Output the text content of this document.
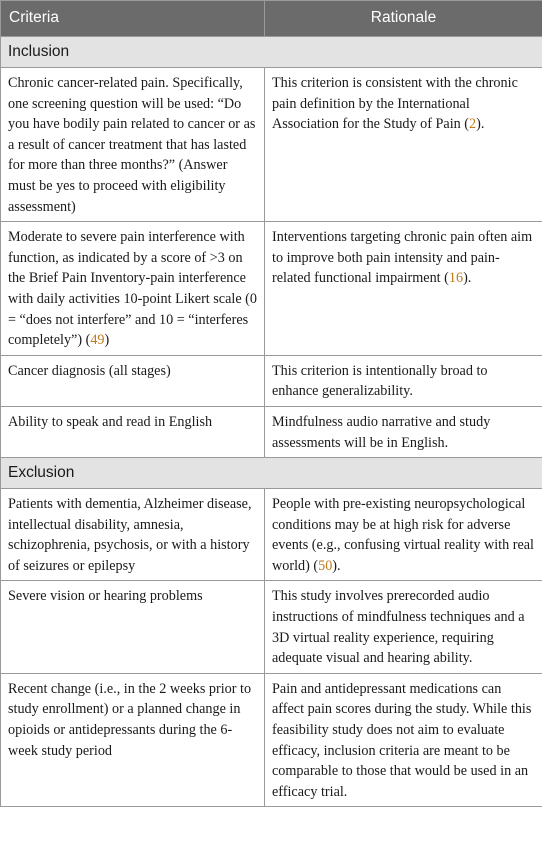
Criteria	Rationale
Inclusion	

Chronic cancer-related pain. Specifically, one screening question will be used: “Do you have bodily pain related to cancer or as a result of cancer treatment that has lasted for more than three months?” (Answer must be yes to proceed with eligibility assessment)	This criterion is consistent with the chronic pain definition by the International Association for the Study of Pain (2).

Moderate to severe pain interference with function, as indicated by a score of >3 on the Brief Pain Inventory-pain interference with daily activities 10-point Likert scale (0 = “does not interfere” and 10 = “interferes completely”) (49)	Interventions targeting chronic pain often aim to improve both pain intensity and pain-related functional impairment (16).

Cancer diagnosis (all stages)	This criterion is intentionally broad to enhance generalizability.

Ability to speak and read in English	Mindfulness audio narrative and study assessments will be in English.

Exclusion	

Patients with dementia, Alzheimer disease, intellectual disability, amnesia, schizophrenia, psychosis, or with a history of seizures or epilepsy	People with pre-existing neuropsychological conditions may be at high risk for adverse events (e.g., confusing virtual reality with real world) (50).

Severe vision or hearing problems	This study involves prerecorded audio instructions of mindfulness techniques and a 3D virtual reality experience, requiring adequate visual and hearing ability.

Recent change (i.e., in the 2 weeks prior to study enrollment) or a planned change in opioids or antidepressants during the 6-week study period	Pain and antidepressant medications can affect pain scores during the study. While this feasibility study does not aim to evaluate efficacy, inclusion criteria are meant to be comparable to those that would be used in an efficacy trial.
